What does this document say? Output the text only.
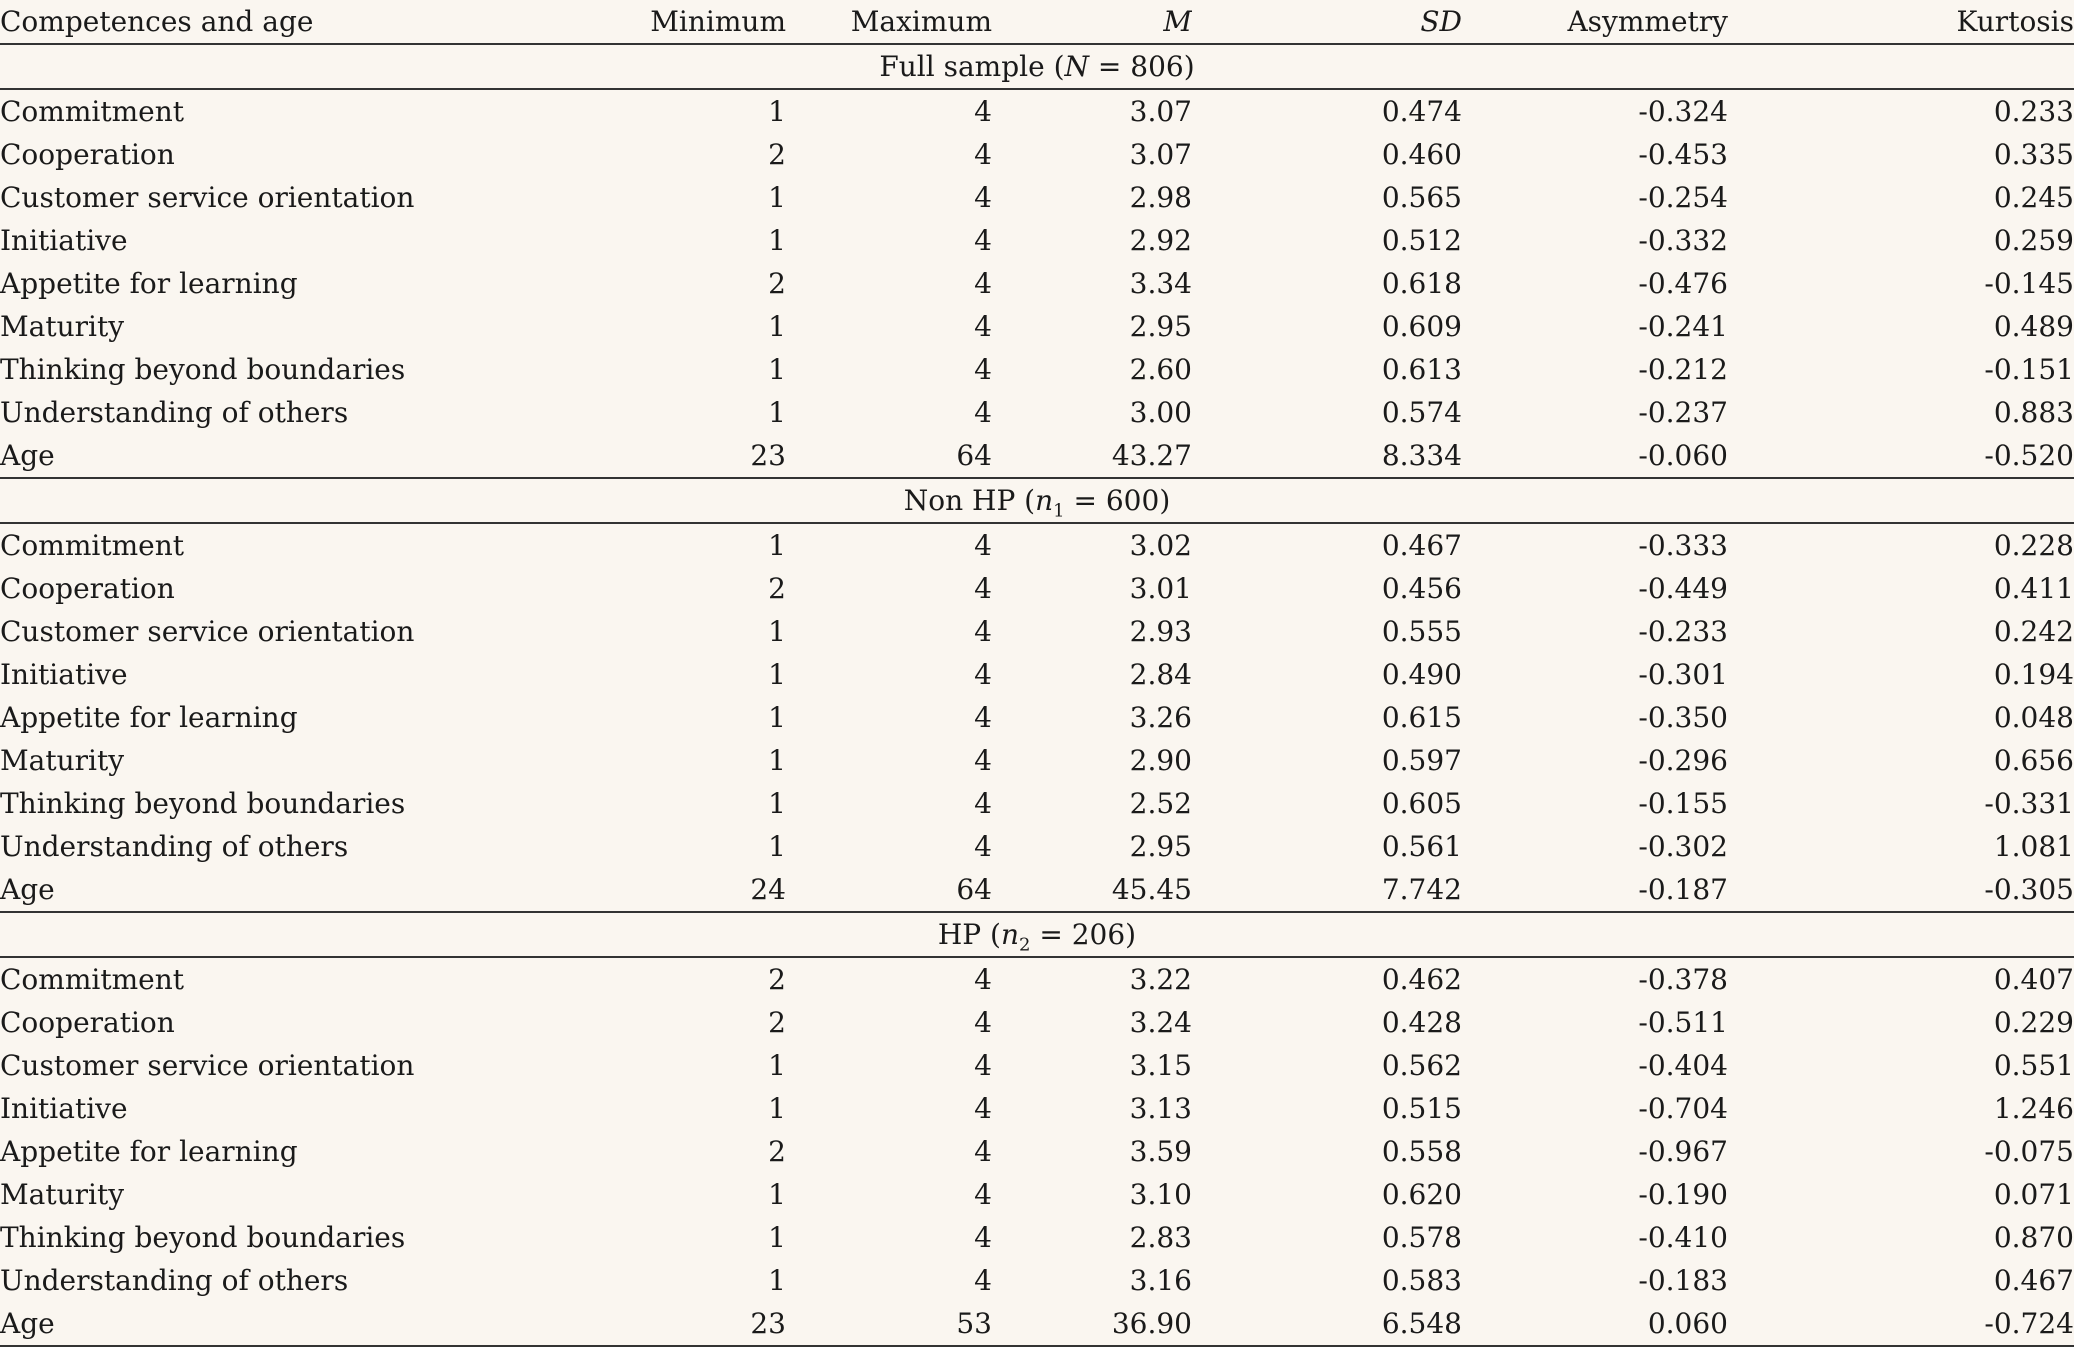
Competences and age	Minimum	Maximum	M	SD	Asymmetry	Kurtosis
Full sample (N = 806)						
Commitment	1	4	3.07	0.474	-0.324	0.233
Cooperation	2	4	3.07	0.460	-0.453	0.335
Customer service orientation	1	4	2.98	0.565	-0.254	0.245
Initiative	1	4	2.92	0.512	-0.332	0.259
Appetite for learning	2	4	3.34	0.618	-0.476	-0.145
Maturity	1	4	2.95	0.609	-0.241	0.489
Thinking beyond boundaries	1	4	2.60	0.613	-0.212	-0.151
Understanding of others	1	4	3.00	0.574	-0.237	0.883
Age	23	64	43.27	8.334	-0.060	-0.520
Non HP $(n_1 = 600)$						
Commitment	1	4	3.02	0.467	-0.333	0.228
Cooperation	2	4	3.01	0.456	-0.449	0.411
Customer service orientation	1	4	2.93	0.555	-0.233	0.242
Initiative	1	4	2.84	0.490	-0.301	0.194
Appetite for learning	1	4	3.26	0.615	-0.350	0.048
Maturity	1	4	2.90	0.597	-0.296	0.656
Thinking beyond boundaries	1	4	2.52	0.605	-0.155	-0.331
Understanding of others	1	4	2.95	0.561	-0.302	1.081
Age	24	64	45.45	7.742	-0.187	-0.305
HP $(n_2 = 206)$						
Commitment	2	4	3.22	0.462	-0.378	0.407
Cooperation	2	4	3.24	0.428	-0.511	0.229
Customer service orientation	1	4	3.15	0.562	-0.404	0.551
Initiative	1	4	3.13	0.515	-0.704	1.246
Appetite for learning	2	4	3.59	0.558	-0.967	-0.075
Maturity	1	4	3.10	0.620	-0.190	0.071
Thinking beyond boundaries	1	4	2.83	0.578	-0.410	0.870
Understanding of others	1	4	3.16	0.583	-0.183	0.467
Age	23	53	36.90	6.548	0.060	-0.724
